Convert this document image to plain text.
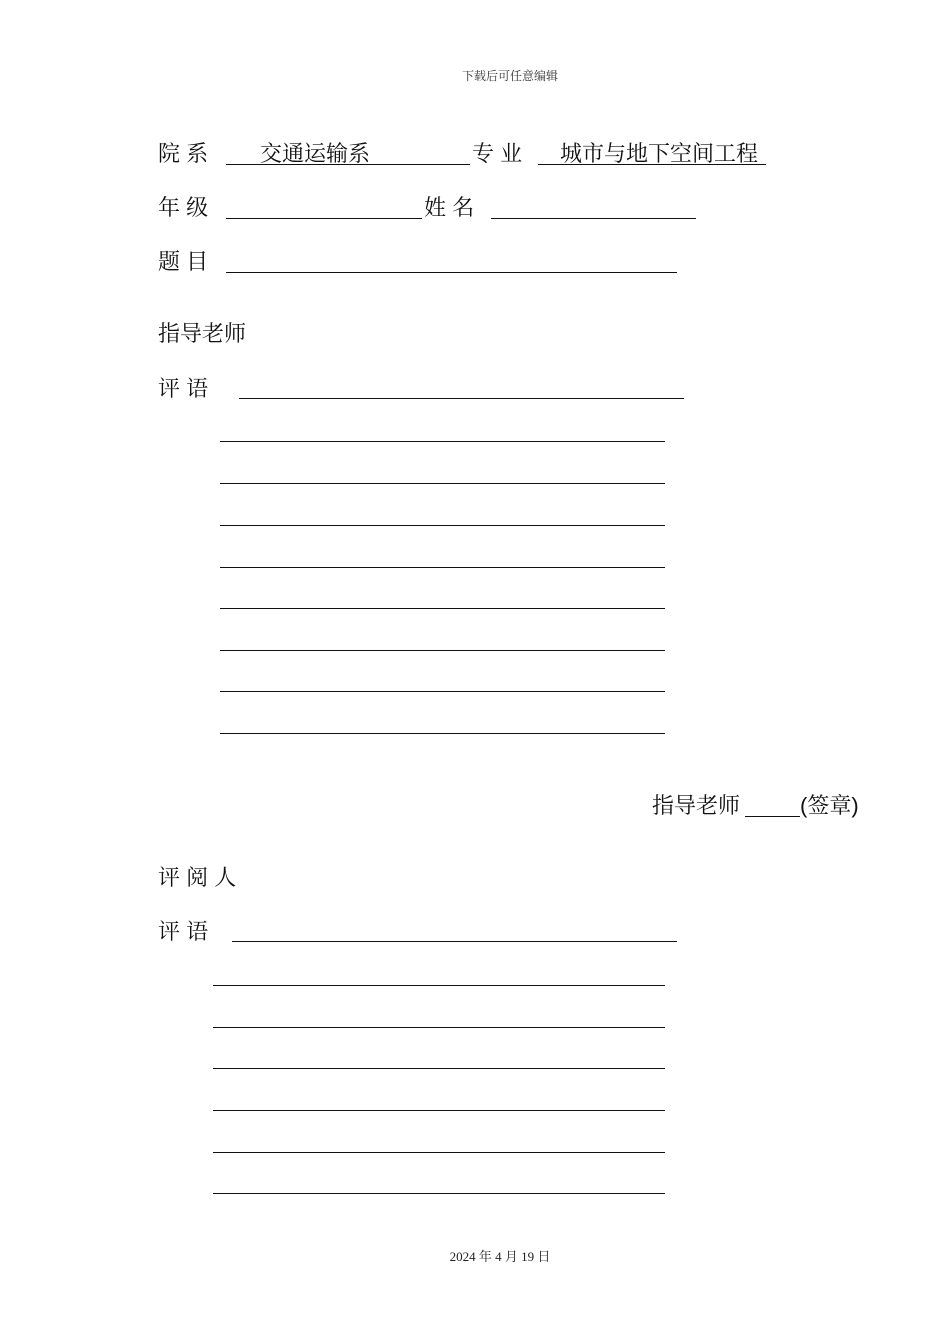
下载后可任意编辑
院 系 交通运输系	专 业 城市与地下空间工程
年 级	姓 名
题 目
指导老师
评 语
指导老师	(签章)
评 阅 人
评 语
2024 年 4 月 19 日
